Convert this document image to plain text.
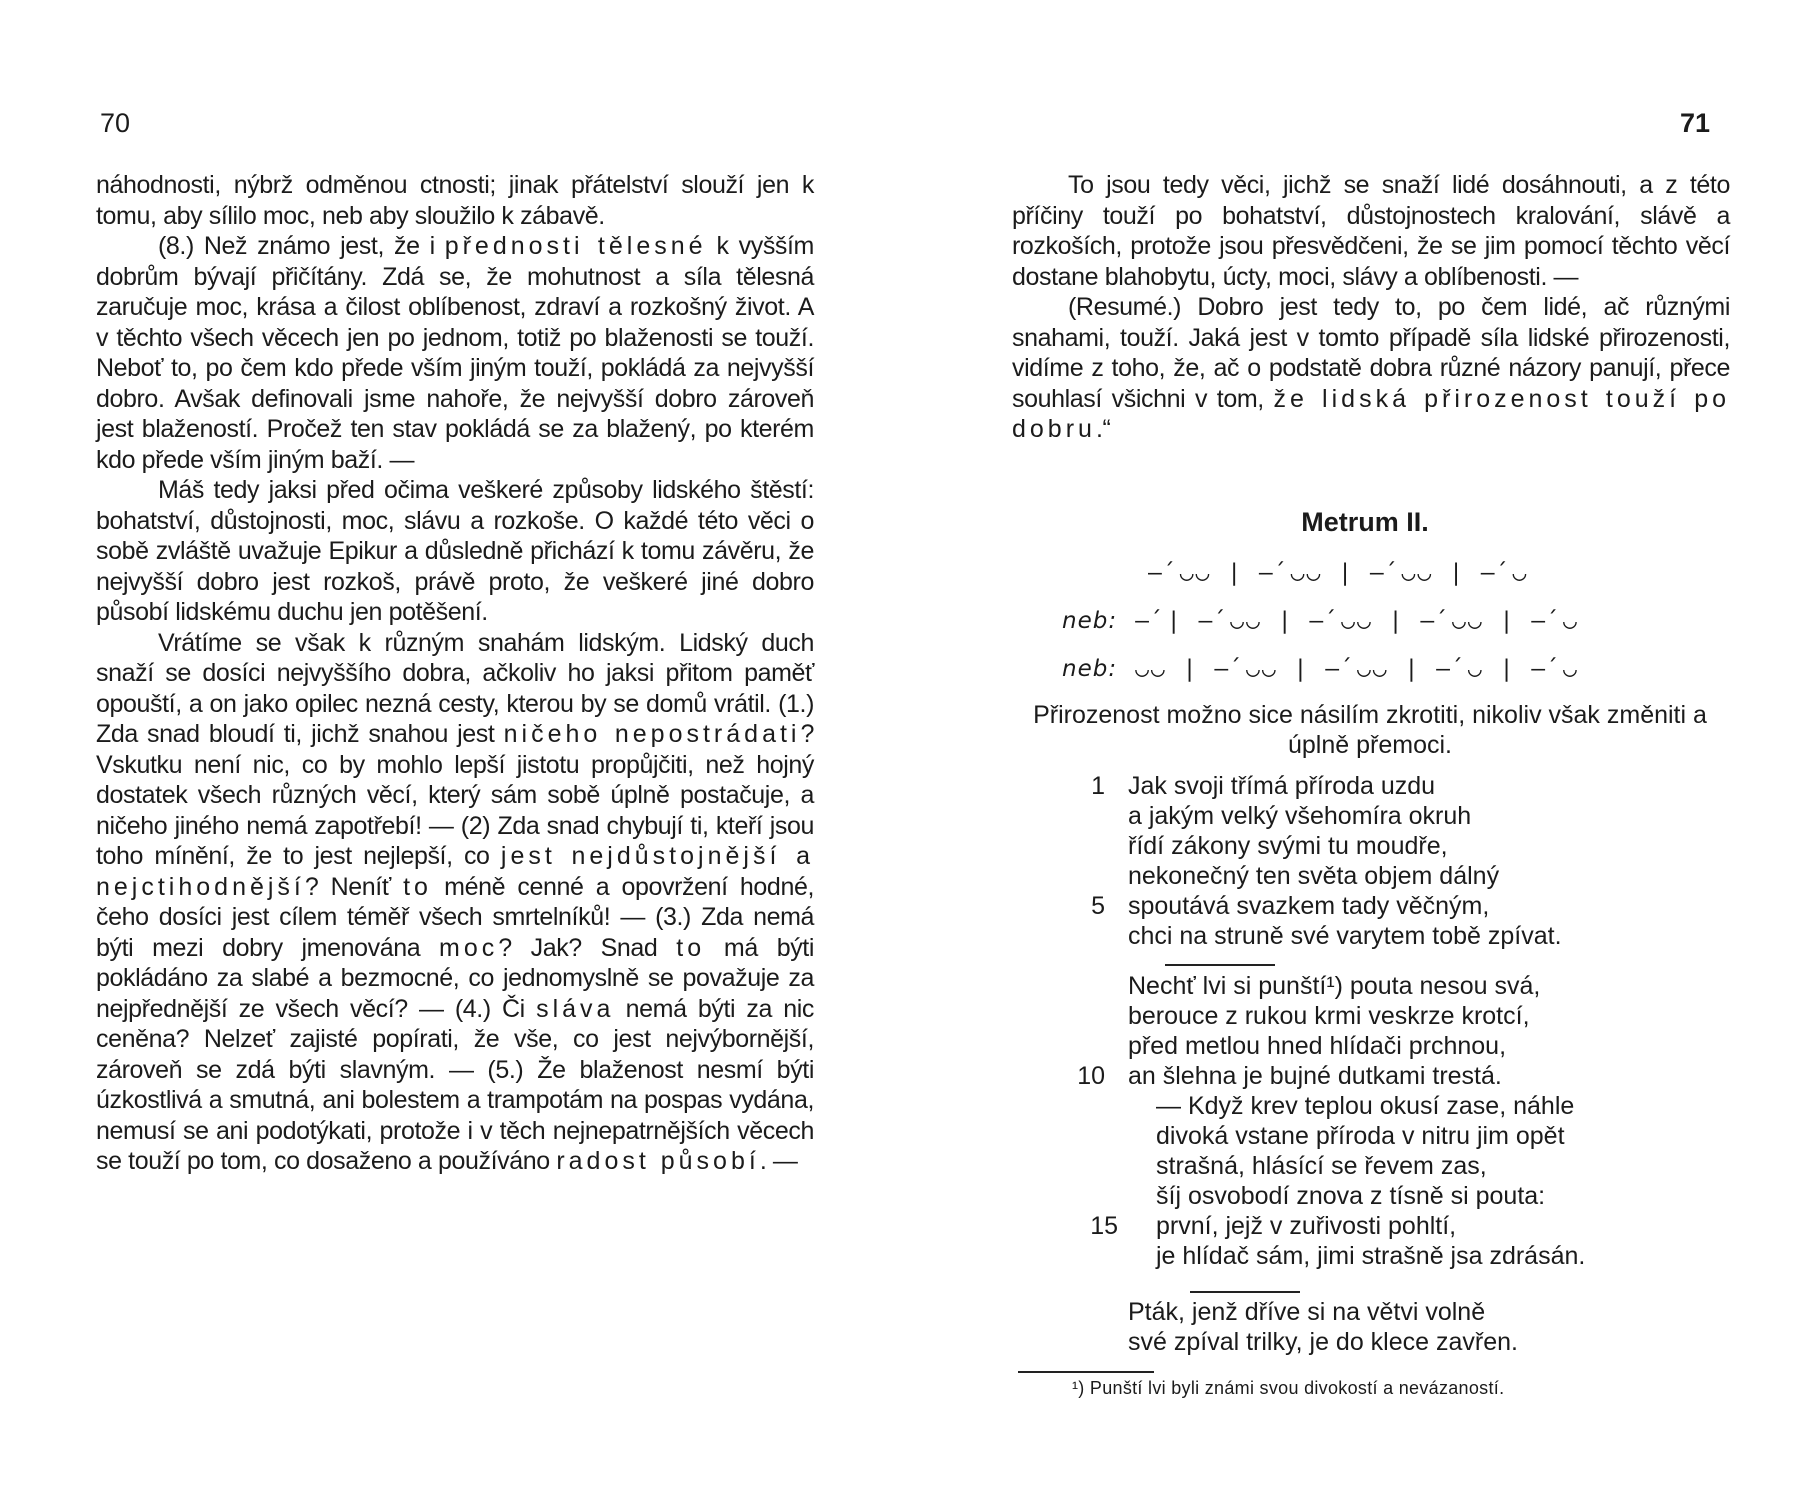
70

náhodnosti, nýbrž odměnou ctnosti; jinak přátelství slouží jen k tomu, aby sílilo moc, neb aby sloužilo k zábavě.

(8.) Než známo jest, že i přednosti tělesné k vyšším dobrům bývají přičítány. Zdá se, že mohutnost a síla tělesná zaručuje moc, krása a čilost oblíbenost, zdraví a rozkošný život. A v těchto všech věcech jen po jednom, totiž po blaženosti se touží. Neboť to, po čem kdo přede vším jiným touží, pokládá za nejvyšší dobro. Avšak definovali jsme nahoře, že nejvyšší dobro zároveň jest blažeností. Pročež ten stav pokládá se za blažený, po kterém kdo přede vším jiným baží. —

Máš tedy jaksi před očima veškeré způsoby lidského štěstí: bohatství, důstojnosti, moc, slávu a rozkoše. O každé této věci o sobě zvláště uvažuje Epikur a důsledně přichází k tomu závěru, že nejvyšší dobro jest rozkoš, právě proto, že veškeré jiné dobro působí lidskému duchu jen potěšení.

Vrátíme se však k různým snahám lidským. Lidský duch snaží se dosíci nejvyššího dobra, ačkoliv ho jaksi přitom paměť opouští, a on jako opilec nezná cesty, kterou by se domů vrátil. (1.) Zda snad bloudí ti, jichž snahou jest ničeho nepostrádati? Vskutku není nic, co by mohlo lepší jistotu propůjčiti, než hojný dostatek všech různých věcí, který sám sobě úplně postačuje, a ničeho jiného nemá zapotřebí! — (2) Zda snad chybují ti, kteří jsou toho mínění, že to jest nejlepší, co jest nejdůstojnější a nejctihodnější? Neníť to méně cenné a opovržení hodné, čeho dosíci jest cílem téměř všech smrtelníků! — (3.) Zda nemá býti mezi dobry jmenována moc? Jak? Snad to má býti pokládáno za slabé a bezmocné, co jednomyslně se považuje za nejpřednější ze všech věcí? — (4.) Či sláva nemá býti za nic ceněna? Nelzeť zajisté popírati, že vše, co jest nejvýbornější, zároveň se zdá býti slavným. — (5.) Že blaženost nesmí býti úzkostlivá a smutná, ani bolestem a trampotám na pospas vydána, nemusí se ani podotýkati, protože i v těch nejnepatrnějších věcech se touží po tom, co dosaženo a používáno radost působí. —

71

To jsou tedy věci, jichž se snaží lidé dosáhnouti, a z této příčiny touží po bohatství, důstojnostech kralování, slávě a rozkoších, protože jsou přesvědčeni, že se jim pomocí těchto věcí dostane blahobytu, úcty, moci, slávy a oblíbenosti. —

(Resumé.) Dobro jest tedy to, po čem lidé, ač různými snahami, touží. Jaká jest v tomto případě síla lidské přirozenosti, vidíme z toho, že, ač o podstatě dobra různé názory panují, přece souhlasí všichni v tom, že lidská přirozenost touží po dobru.“

Metrum II.
–́ ◡◡ | –́ ◡◡ | –́ ◡◡ | –́ ◡
neb: –́ | –́ ◡◡ | –́ ◡◡ | –́ ◡◡ | –́ ◡
neb: ◡◡ | –́ ◡◡ | –́ ◡◡ | –́ ◡ | –́ ◡
Přirozenost možno sice násilím zkrotiti, nikoliv však změniti a úplně přemoci.
¹) Punští lvi byli známi svou divokostí a nevázaností.
Jak svoji třímá příroda uzdu
1
a jakým velký všehomíra okruh
řídí zákony svými tu moudře,
nekonečný ten světa objem dálný
spoutává svazkem tady věčným,
5
chci na struně své varytem tobě zpívat.
Nechť lvi si punští¹) pouta nesou svá,
berouce z rukou krmi veskrze krotcí,
před metlou hned hlídači prchnou,
an šlehna je bujné dutkami trestá.
10
— Když krev teplou okusí zase, náhle
divoká vstane příroda v nitru jim opět
strašná, hlásící se řevem zas,
šíj osvobodí znova z tísně si pouta:
první, jejž v zuřivosti pohltí,
15
je hlídač sám, jimi strašně jsa zdrásán.
Pták, jenž dříve si na větvi volně
své zpíval trilky, je do klece zavřen.
